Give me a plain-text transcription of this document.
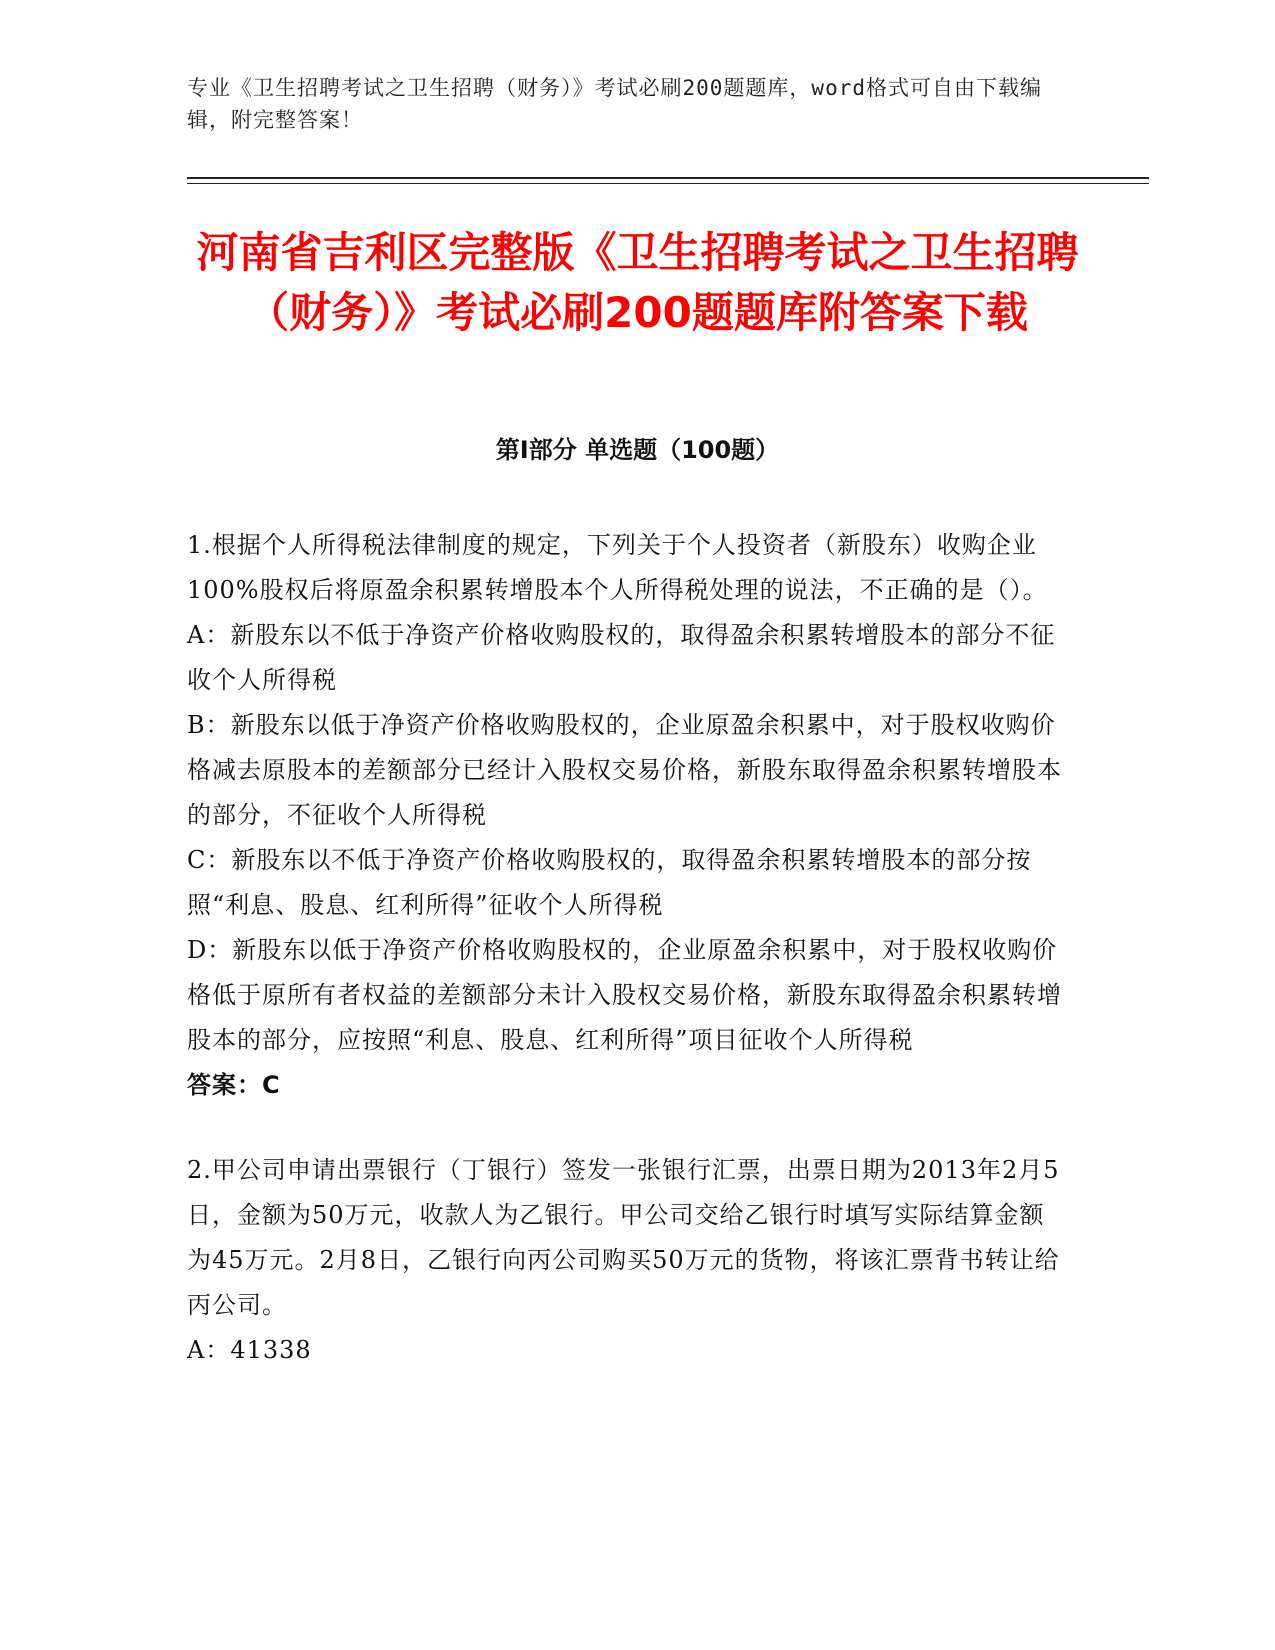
专业《卫生招聘考试之卫生招聘（财务）》考试必刷200题题库，word格式可自由下载编辑，附完整答案！
河南省吉利区完整版《卫生招聘考试之卫生招聘（财务）》考试必刷200题题库附答案下载
第Ⅰ部分 单选题（100题）

1.根据个人所得税法律制度的规定，下列关于个人投资者（新股东）收购企业100%股权后将原盈余积累转增股本个人所得税处理的说法，不正确的是（）。

A：新股东以不低于净资产价格收购股权的，取得盈余积累转增股本的部分不征收个人所得税

B：新股东以低于净资产价格收购股权的，企业原盈余积累中，对于股权收购价格减去原股本的差额部分已经计入股权交易价格，新股东取得盈余积累转增股本的部分，不征收个人所得税

C：新股东以不低于净资产价格收购股权的，取得盈余积累转增股本的部分按照“利息、股息、红利所得”征收个人所得税

D：新股东以低于净资产价格收购股权的，企业原盈余积累中，对于股权收购价格低于原所有者权益的差额部分未计入股权交易价格，新股东取得盈余积累转增股本的部分，应按照“利息、股息、红利所得”项目征收个人所得税

答案：C

2.甲公司申请出票银行（丁银行）签发一张银行汇票，出票日期为2013年2月5日，金额为50万元，收款人为乙银行。甲公司交给乙银行时填写实际结算金额为45万元。2月8日，乙银行向丙公司购买50万元的货物，将该汇票背书转让给丙公司。

A：41338
